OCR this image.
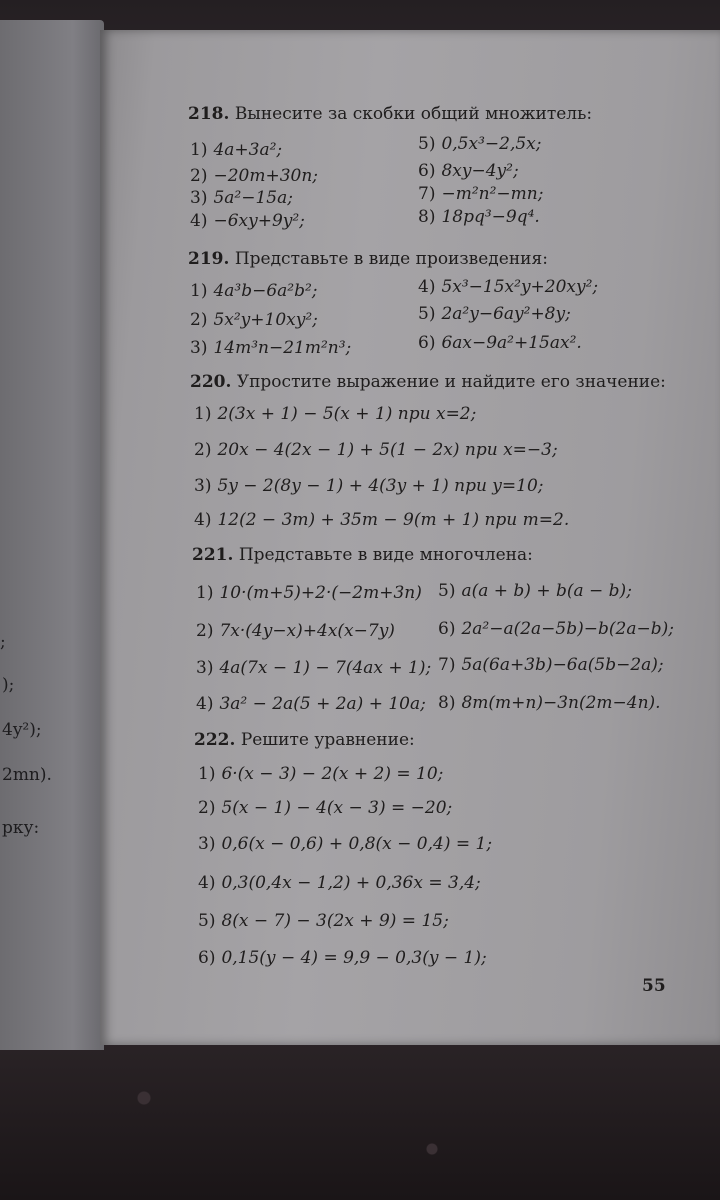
;
);
4y²);
2mn).
рку:
218. Вынесите за скобки общий множитель:
1) 4a+3a²;
2) −20m+30n;
3) 5a²−15a;
4) −6xy+9y²;
5) 0,5x³−2,5x;
6) 8xy−4y²;
7) −m²n²−mn;
8) 18pq³−9q⁴.
219. Представьте в виде произведения:
1) 4a³b−6a²b²;
2) 5x²y+10xy²;
3) 14m³n−21m²n³;
4) 5x³−15x²y+20xy²;
5) 2a²y−6ay²+8y;
6) 6ax−9a²+15ax².
220. Упростите выражение и найдите его значение:
1) 2(3x + 1) − 5(x + 1) при x=2;
2) 20x − 4(2x − 1) + 5(1 − 2x) при x=−3;
3) 5y − 2(8y − 1) + 4(3y + 1) при y=10;
4) 12(2 − 3m) + 35m − 9(m + 1) при m=2.
221. Представьте в виде многочлена:
1) 10·(m+5)+2·(−2m+3n)
2) 7x·(4y−x)+4x(x−7y)
3) 4a(7x − 1) − 7(4ax + 1);
4) 3a² − 2a(5 + 2a) + 10a;
5) a(a + b) + b(a − b);
6) 2a²−a(2a−5b)−b(2a−b);
7) 5a(6a+3b)−6a(5b−2a);
8) 8m(m+n)−3n(2m−4n).
222. Решите уравнение:
1) 6·(x − 3) − 2(x + 2) = 10;
2) 5(x − 1) − 4(x − 3) = −20;
3) 0,6(x − 0,6) + 0,8(x − 0,4) = 1;
4) 0,3(0,4x − 1,2) + 0,36x = 3,4;
5) 8(x − 7) − 3(2x + 9) = 15;
6) 0,15(y − 4) = 9,9 − 0,3(y − 1);
55
